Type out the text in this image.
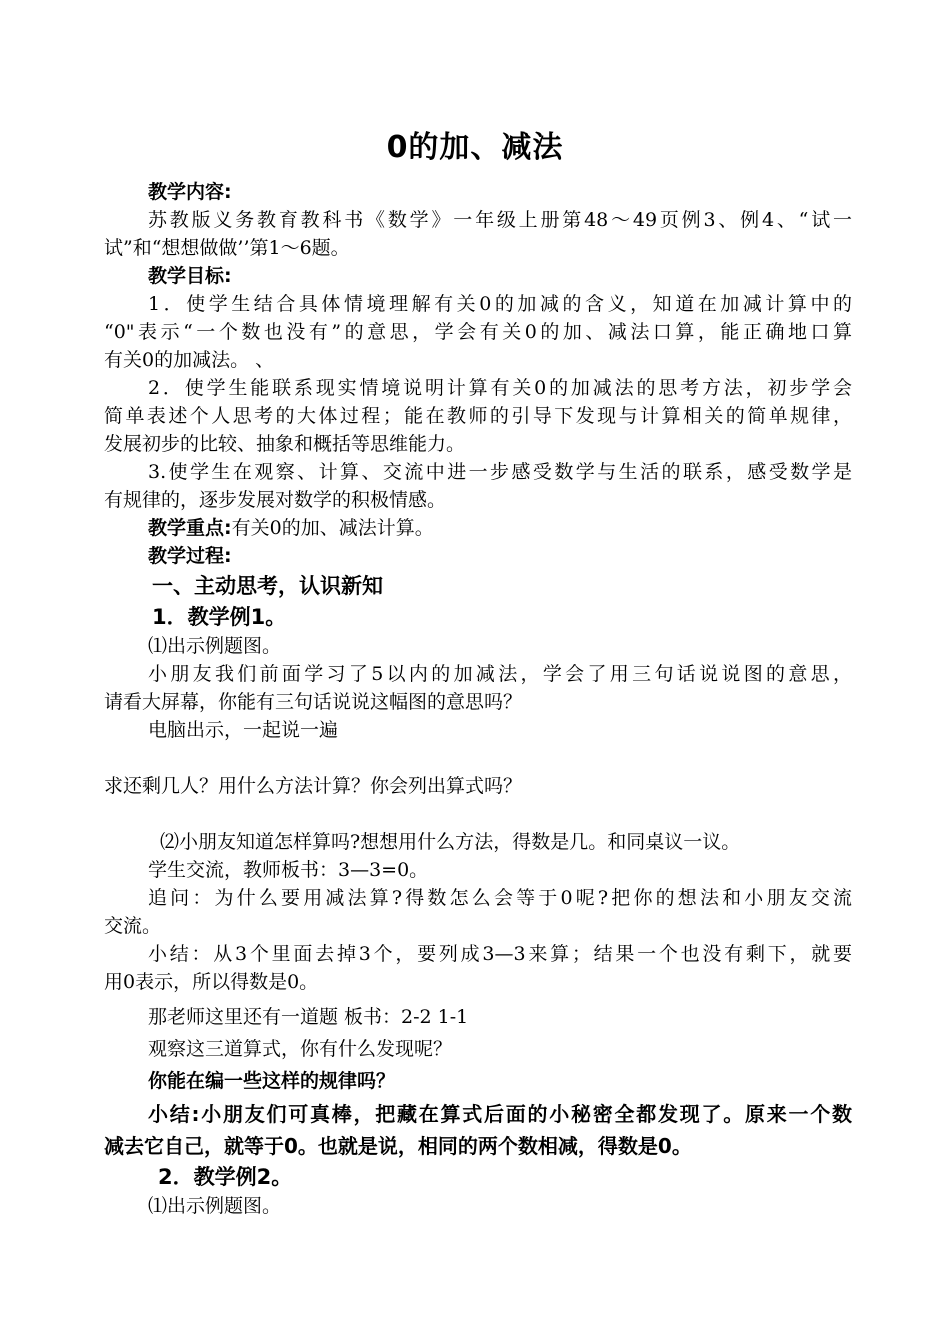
0的加、减法
教学内容:
苏教版义务教育教科书《数学》一年级上册第48～49页例3、例4、“试一
试”和“想想做做’’第1～6题。
教学目标:
1．使学生结合具体情境理解有关0的加减的含义，知道在加减计算中的
“0"表示“一个数也没有”的意思，学会有关0的加、减法口算，能正确地口算
有关0的加减法。 、
2．使学生能联系现实情境说明计算有关0的加减法的思考方法，初步学会
简单表述个人思考的大体过程；能在教师的引导下发现与计算相关的简单规律，
发展初步的比较、抽象和概括等思维能力。
3.使学生在观察、计算、交流中进一步感受数学与生活的联系，感受数学是
有规律的，逐步发展对数学的积极情感。
教学重点:有关0的加、减法计算。
教学过程:
一、主动思考，认识新知
1．教学例1。
⑴出示例题图。
小朋友我们前面学习了5以内的加减法，学会了用三句话说说图的意思，
请看大屏幕，你能有三句话说说这幅图的意思吗？
电脑出示，一起说一遍
求还剩几人？用什么方法计算？你会列出算式吗？
⑵小朋友知道怎样算吗?想想用什么方法，得数是几。和同桌议一议。
学生交流，教师板书：3—3=0。
追问：为什么要用减法算?得数怎么会等于0呢?把你的想法和小朋友交流
交流。
小结：从3个里面去掉3个，要列成3—3来算；结果一个也没有剩下，就要
用0表示，所以得数是0。
那老师这里还有一道题 板书：2-2 1-1
观察这三道算式，你有什么发现呢？
你能在编一些这样的规律吗？
小结:小朋友们可真棒，把藏在算式后面的小秘密全都发现了。原来一个数
减去它自己，就等于0。也就是说，相同的两个数相减，得数是0。
2．教学例2。
⑴出示例题图。
